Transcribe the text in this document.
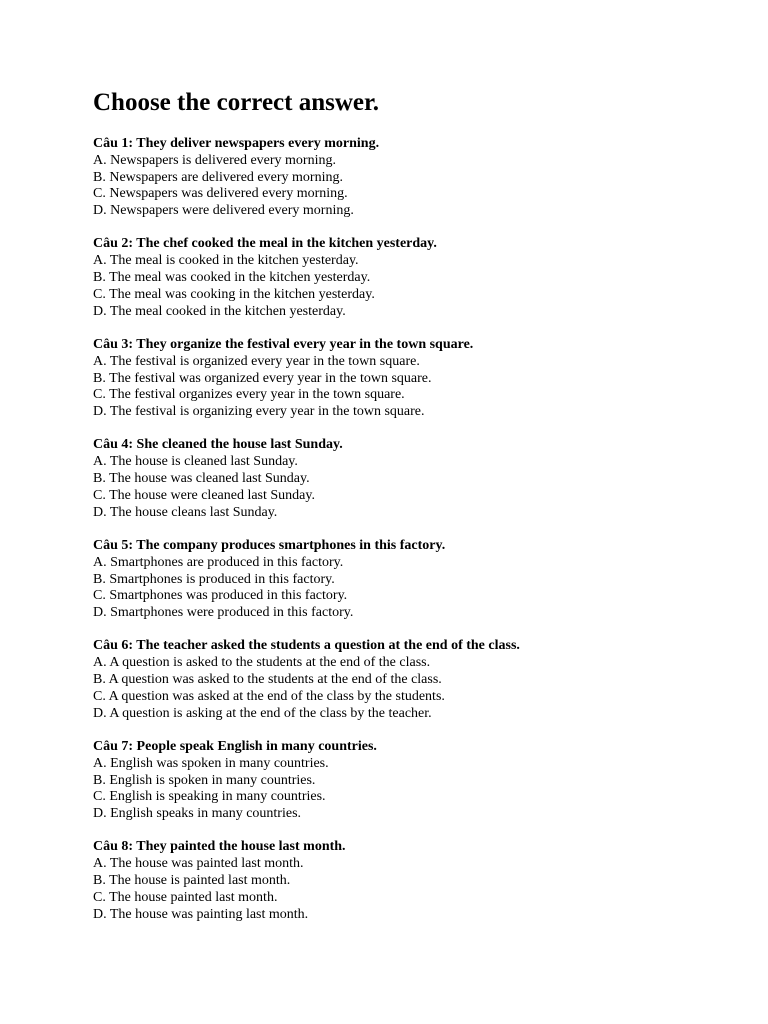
Choose the correct answer.
Câu 1: They deliver newspapers every morning.
A. Newspapers is delivered every morning.
B. Newspapers are delivered every morning.
C. Newspapers was delivered every morning.
D. Newspapers were delivered every morning.
Câu 2: The chef cooked the meal in the kitchen yesterday.
A. The meal is cooked in the kitchen yesterday.
B. The meal was cooked in the kitchen yesterday.
C. The meal was cooking in the kitchen yesterday.
D. The meal cooked in the kitchen yesterday.
Câu 3: They organize the festival every year in the town square.
A. The festival is organized every year in the town square.
B. The festival was organized every year in the town square.
C. The festival organizes every year in the town square.
D. The festival is organizing every year in the town square.
Câu 4: She cleaned the house last Sunday.
A. The house is cleaned last Sunday.
B. The house was cleaned last Sunday.
C. The house were cleaned last Sunday.
D. The house cleans last Sunday.
Câu 5: The company produces smartphones in this factory.
A. Smartphones are produced in this factory.
B. Smartphones is produced in this factory.
C. Smartphones was produced in this factory.
D. Smartphones were produced in this factory.
Câu 6: The teacher asked the students a question at the end of the class.
A. A question is asked to the students at the end of the class.
B. A question was asked to the students at the end of the class.
C. A question was asked at the end of the class by the students.
D. A question is asking at the end of the class by the teacher.
Câu 7: People speak English in many countries.
A. English was spoken in many countries.
B. English is spoken in many countries.
C. English is speaking in many countries.
D. English speaks in many countries.
Câu 8: They painted the house last month.
A. The house was painted last month.
B. The house is painted last month.
C. The house painted last month.
D. The house was painting last month.
